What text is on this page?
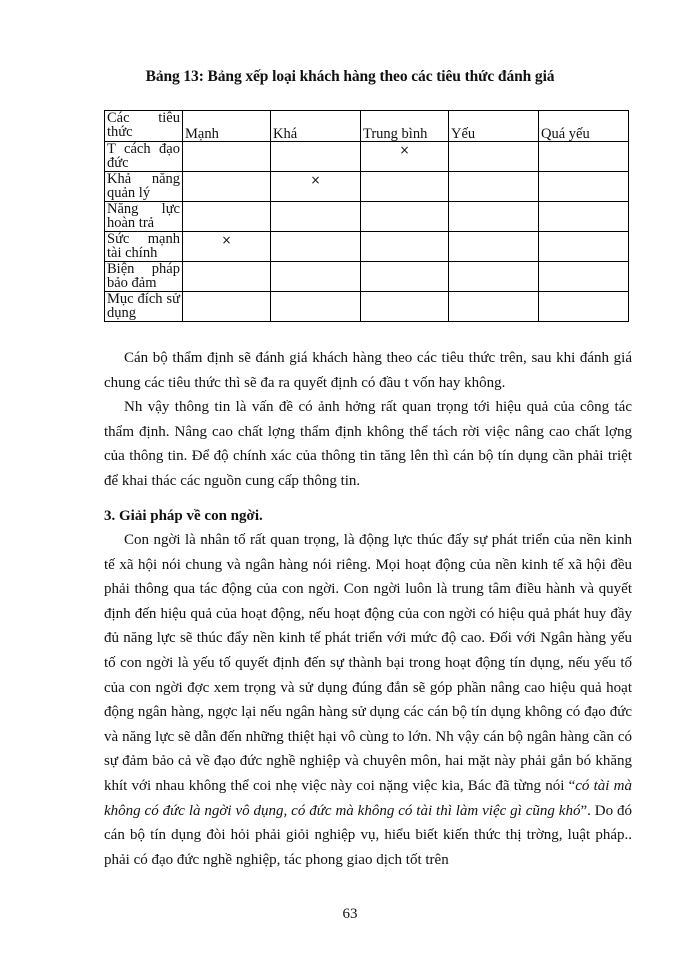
Bảng 13: Bảng xếp loại khách hàng theo các tiêu thức đánh giá
Các tiêu thức	Mạnh	Khá	Trung bình	Yếu	Quá yếu

T cách đạo đức			×		

Khả năng quản lý		×			

Năng lực hoàn trả					

Sức mạnh tài chính	×				

Biện pháp bảo đảm					

Mục đích sử dụng					

Cán bộ thẩm định sẽ đánh giá khách hàng theo các tiêu thức trên, sau khi đánh giá chung các tiêu thức thì sẽ đa ra quyết định có đầu t vốn hay không.

Nh vậy thông tin là vấn đề có ảnh hởng rất quan trọng tới hiệu quả của công tác thẩm định. Nâng cao chất lợng thẩm định không thể tách rời việc nâng cao chất lợng của thông tin. Để độ chính xác của thông tin tăng lên thì cán bộ tín dụng cần phải triệt để khai thác các nguồn cung cấp thông tin.

3. Giải pháp về con ngời.

Con ngời là nhân tố rất quan trọng, là động lực thúc đẩy sự phát triển của nền kinh tế xã hội nói chung và ngân hàng nói riêng. Mọi hoạt động của nền kinh tế xã hội đều phải thông qua tác động của con ngời. Con ngời luôn là trung tâm điều hành và quyết định đến hiệu quả của hoạt động, nếu hoạt động của con ngời có hiệu quả phát huy đầy đủ năng lực sẽ thúc đẩy nền kinh tế phát triển với mức độ cao. Đối với Ngân hàng yếu tố con ngời là yếu tố quyết định đến sự thành bại trong hoạt động tín dụng, nếu yếu tố của con ngời đợc xem trọng và sử dụng đúng đắn sẽ góp phần nâng cao hiệu quả hoạt động ngân hàng, ngợc lại nếu ngân hàng sử dụng các cán bộ tín dụng không có đạo đức và năng lực sẽ dẫn đến những thiệt hại vô cùng to lớn. Nh vậy cán bộ ngân hàng cần có sự đảm bảo cả về đạo đức nghề nghiệp và chuyên môn, hai mặt này phải gắn bó khăng khít với nhau không thể coi nhẹ việc này coi nặng việc kia, Bác đã từng nói “có tài mà không có đức là ngời vô dụng, có đức mà không có tài thì làm việc gì cũng khó”. Do đó cán bộ tín dụng đòi hỏi phải giỏi nghiệp vụ, hiểu biết kiến thức thị trờng, luật pháp.. phải có đạo đức nghề nghiệp, tác phong giao dịch tốt trên

63
